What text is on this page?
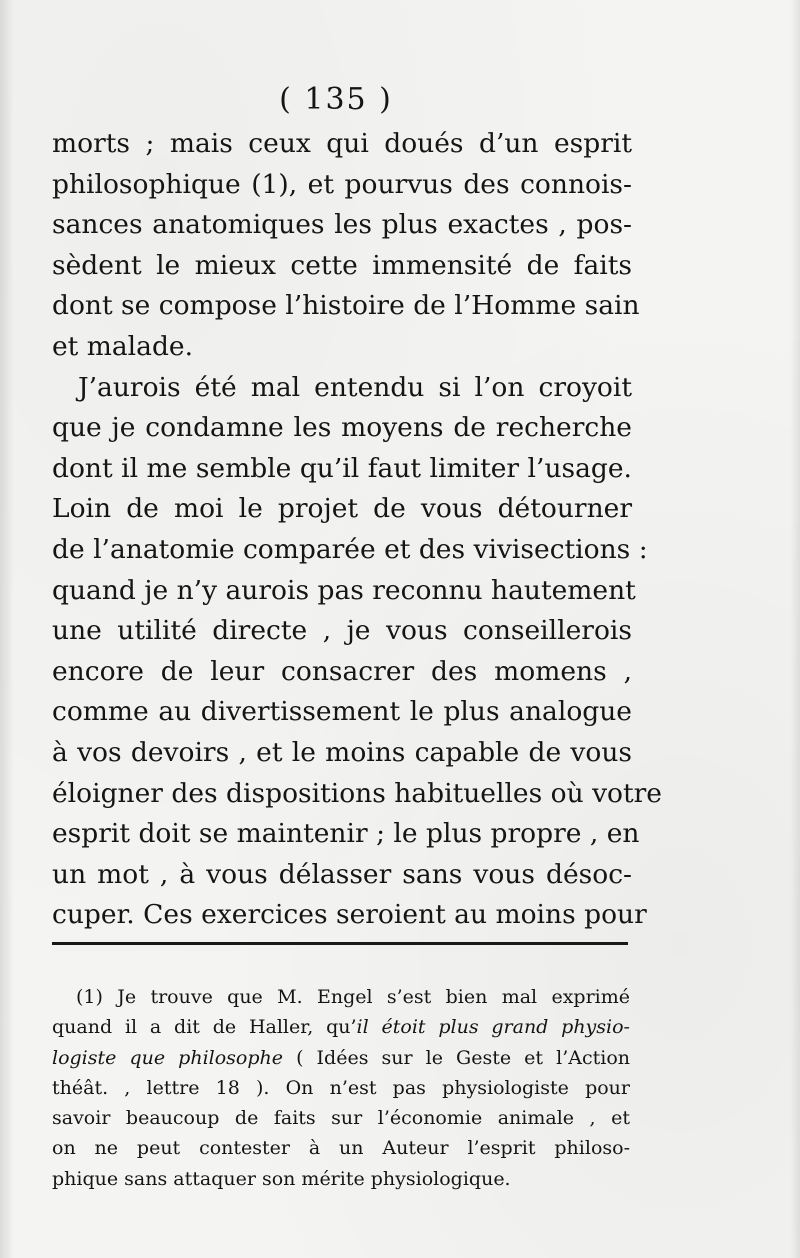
( 135 )
morts ; mais ceux qui doués d’un esprit
philosophique (1), et pourvus des connois-
sances anatomiques les plus exactes , pos-
sèdent le mieux cette immensité de faits
dont se compose l’histoire de l’Homme sain
et malade.
J’aurois été mal entendu si l’on croyoit
que je condamne les moyens de recherche
dont il me semble qu’il faut limiter l’usage.
Loin de moi le projet de vous détourner
de l’anatomie comparée et des vivisections :
quand je n’y aurois pas reconnu hautement
une utilité directe , je vous conseillerois
encore de leur consacrer des momens ,
comme au divertissement le plus analogue
à vos devoirs , et le moins capable de vous
éloigner des dispositions habituelles où votre
esprit doit se maintenir ; le plus propre , en
un mot , à vous délasser sans vous désoc-
cuper. Ces exercices seroient au moins pour
(1) Je trouve que M. Engel s’est bien mal exprimé
quand il a dit de Haller, qu’il étoit plus grand physio-
logiste que philosophe ( Idées sur le Geste et l’Action
théât. , lettre 18 ). On n’est pas physiologiste pour
savoir beaucoup de faits sur l’économie animale , et
on ne peut contester à un Auteur l’esprit philoso-
phique sans attaquer son mérite physiologique.
